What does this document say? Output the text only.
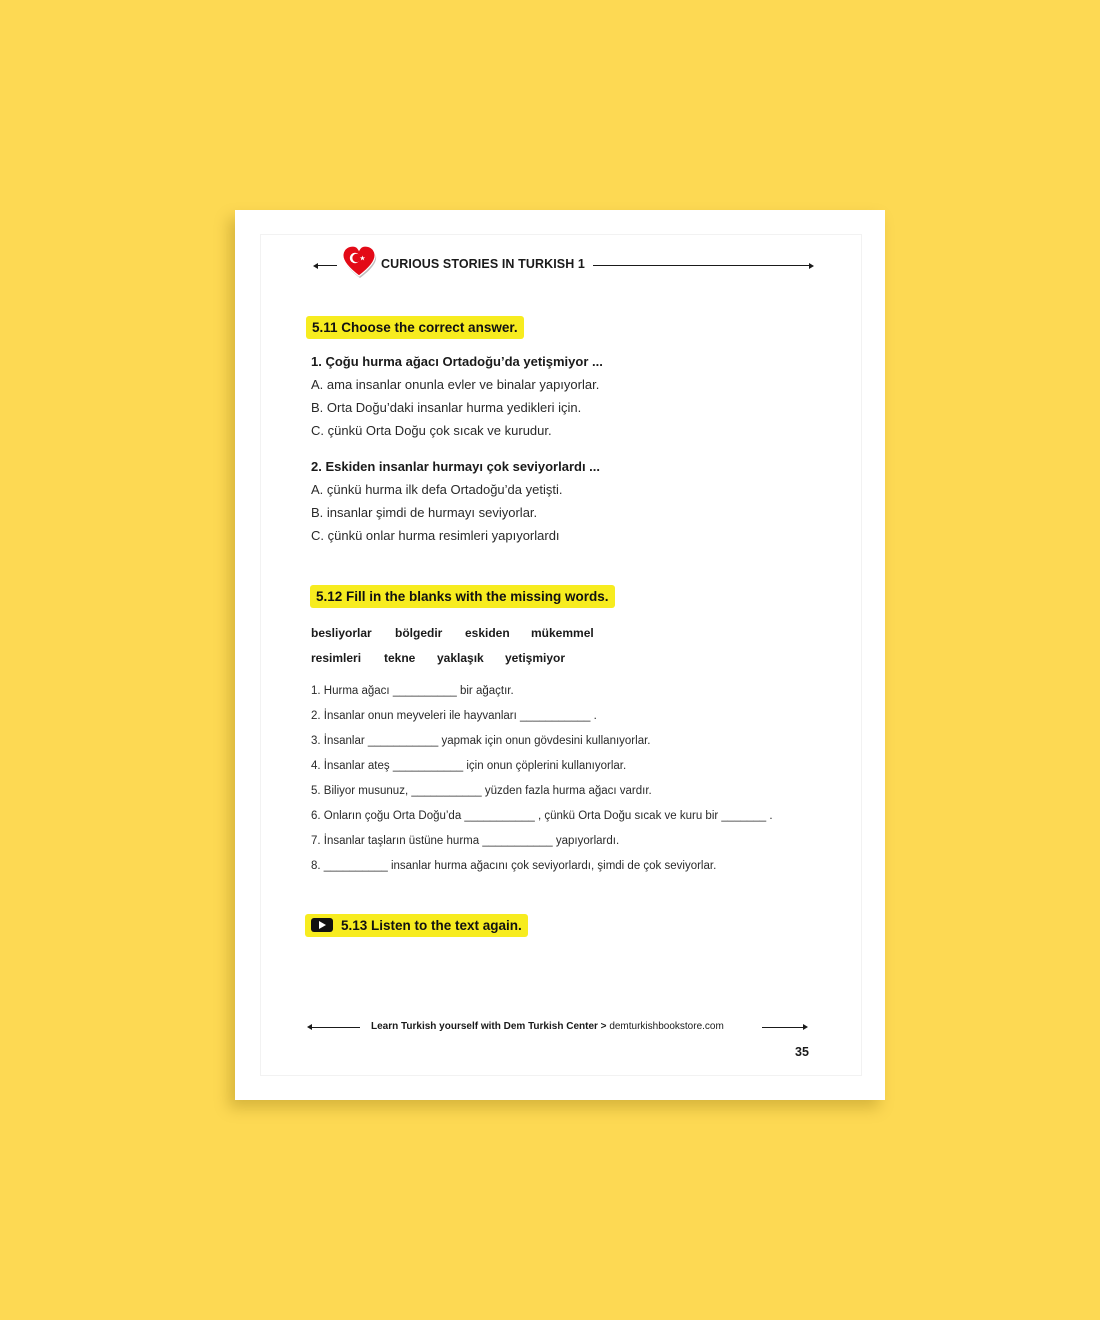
CURIOUS STORIES IN TURKISH 1
5.11 Choose the correct answer.
1. Çoğu hurma ağacı Ortadoğu’da yetişmiyor ...
A. ama insanlar onunla evler ve binalar yapıyorlar.
B. Orta Doğu’daki insanlar hurma yedikleri için.
C. çünkü Orta Doğu çok sıcak ve kurudur.
2. Eskiden insanlar hurmayı çok seviyorlardı ...
A. çünkü hurma ilk defa Ortadoğu’da yetişti.
B. insanlar şimdi de hurmayı seviyorlar.
C. çünkü onlar hurma resimleri yapıyorlardı
5.12 Fill in the blanks with the missing words.
besliyorlar bölgedir eskiden mükemmel
resimleri tekne yaklaşık yetişmiyor
1. Hurma ağacı __________ bir ağaçtır.
2. İnsanlar onun meyveleri ile hayvanları ___________ .
3. İnsanlar ___________ yapmak için onun gövdesini kullanıyorlar.
4. İnsanlar ateş ___________ için onun çöplerini kullanıyorlar.
5. Biliyor musunuz, ___________ yüzden fazla hurma ağacı vardır.
6. Onların çoğu Orta Doğu’da ___________ , çünkü Orta Doğu sıcak ve kuru bir _______ .
7. İnsanlar taşların üstüne hurma ___________ yapıyorlardı.
8. __________ insanlar hurma ağacını çok seviyorlardı, şimdi de çok seviyorlar.
5.13 Listen to the text again.
Learn Turkish yourself with Dem Turkish Center > demturkishbookstore.com
35
